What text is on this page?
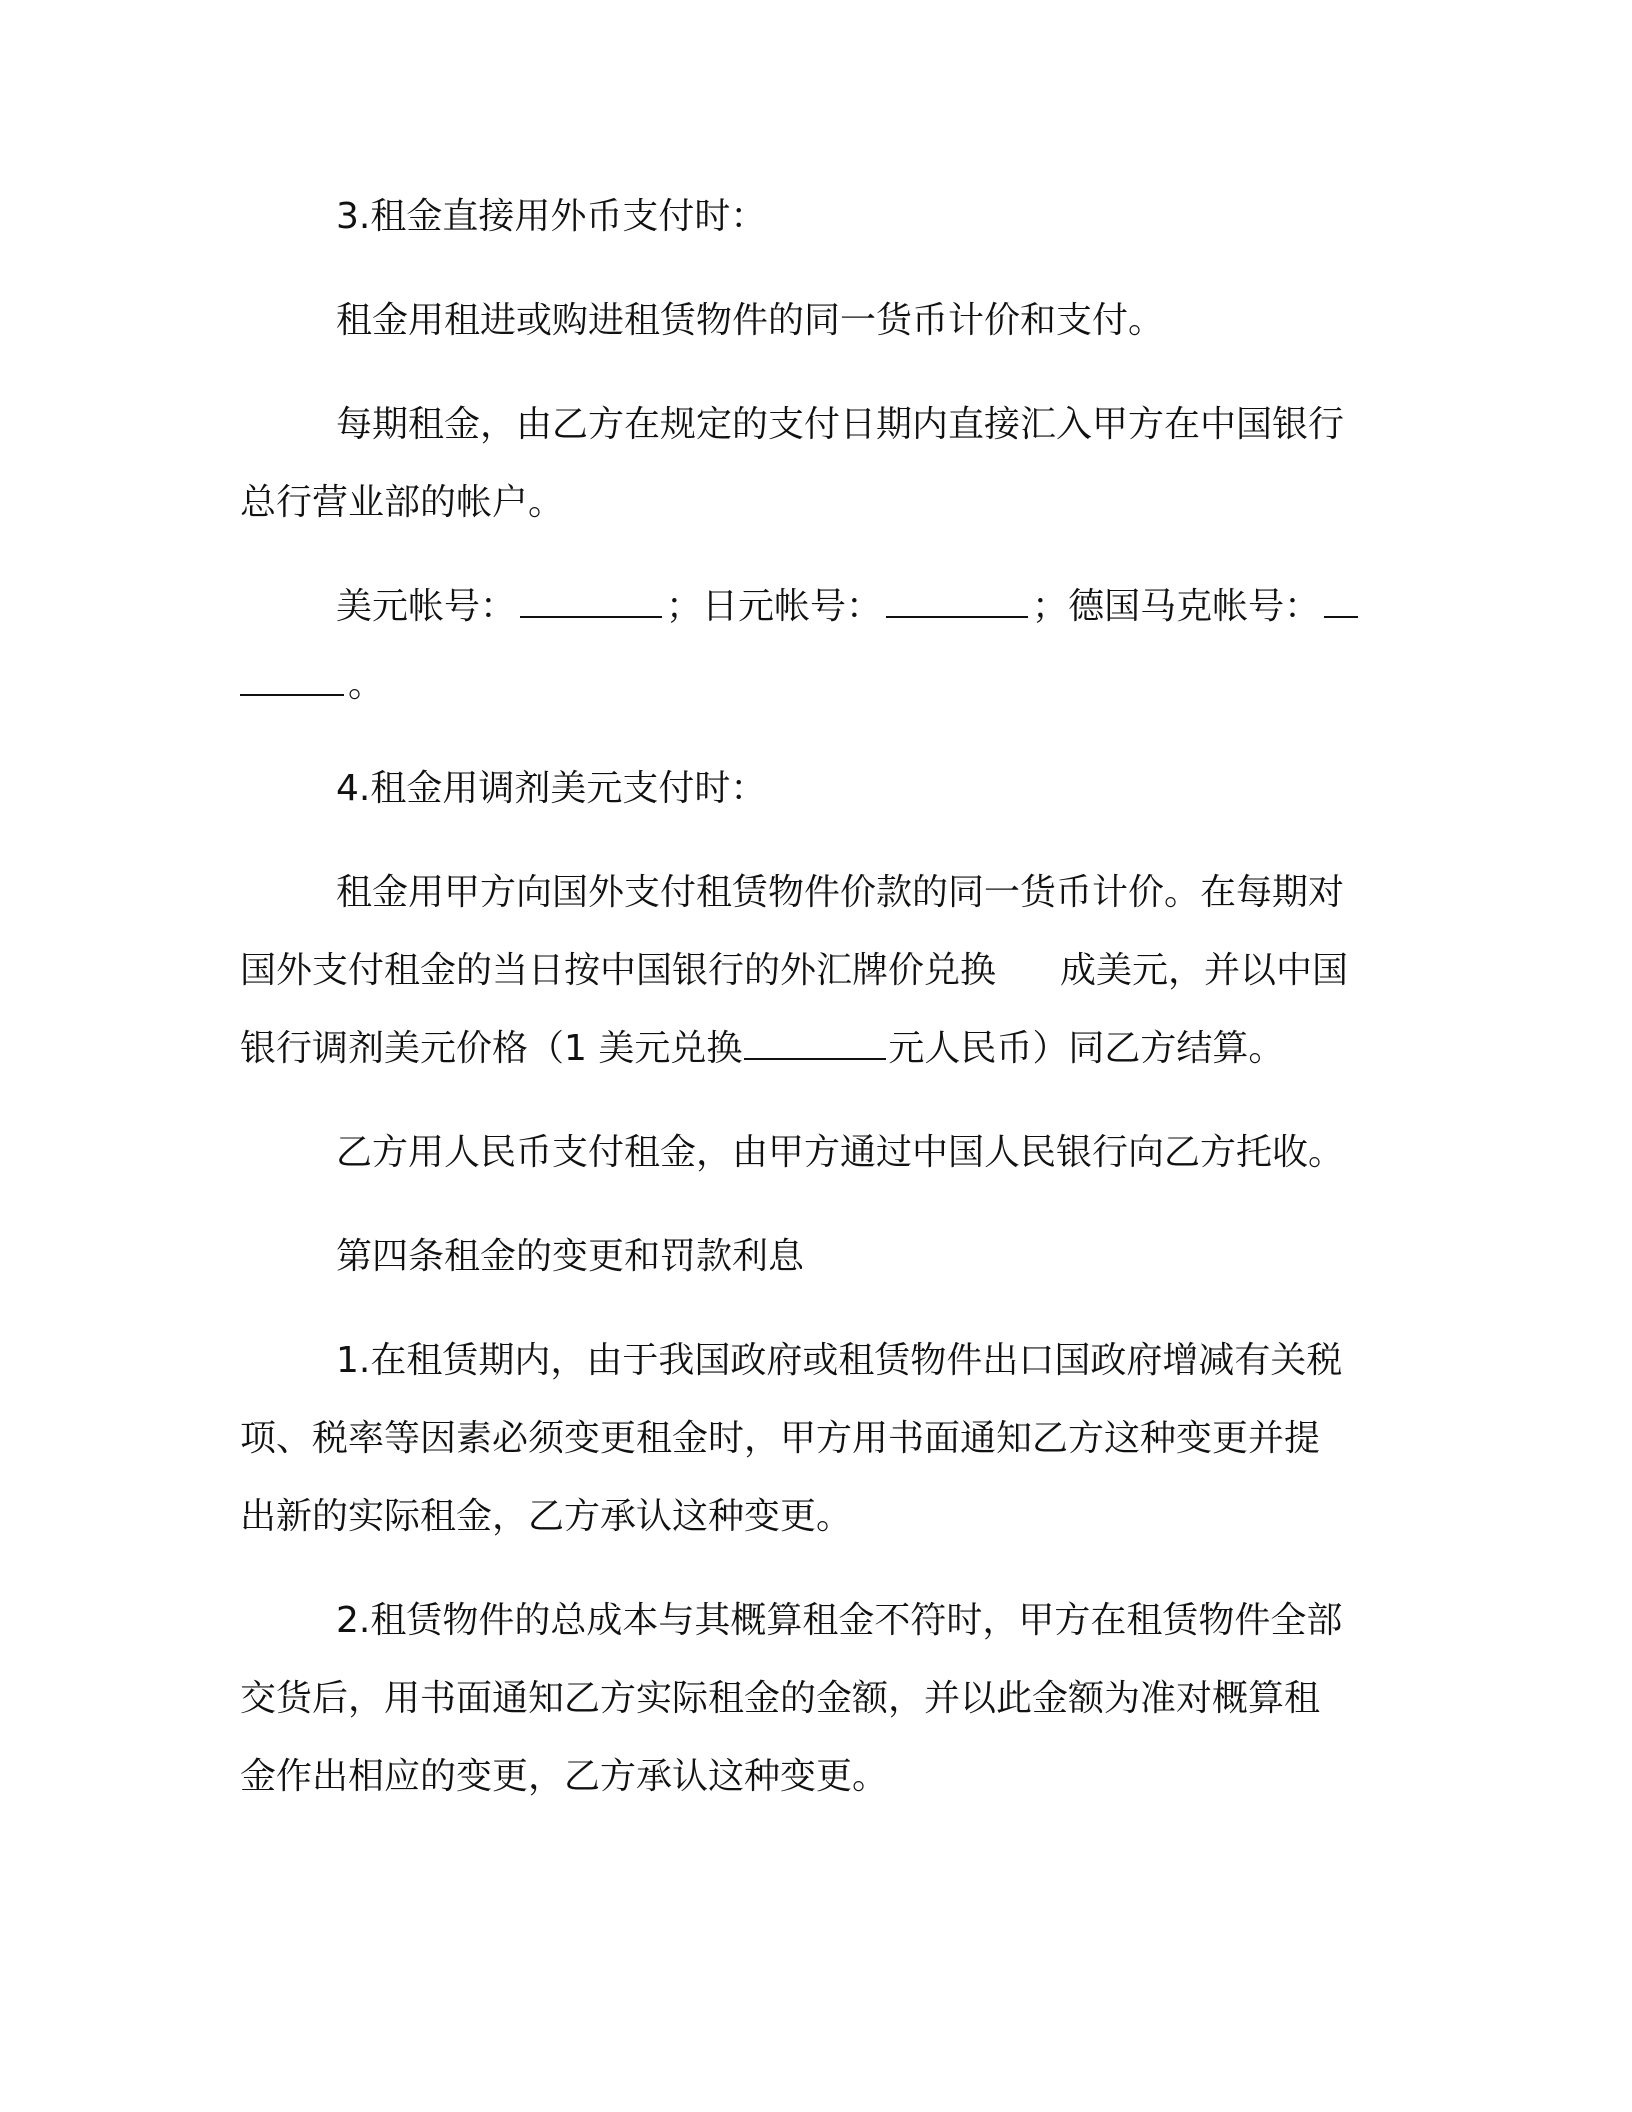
3.租金直接用外币支付时：

租金用租进或购进租赁物件的同一货币计价和支付。

每期租金，由乙方在规定的支付日期内直接汇入甲方在中国银行
总行营业部的帐户。

美元帐号：	；日元帐号：	；德国马克帐号：
。

4.租金用调剂美元支付时：

租金用甲方向国外支付租赁物件价款的同一货币计价。在每期对
国外支付租金的当日按中国银行的外汇牌价兑换 成美元，并以中国
银行调剂美元价格（1 美元兑换	元人民币）同乙方结算。

乙方用人民币支付租金，由甲方通过中国人民银行向乙方托收。

第四条租金的变更和罚款利息

1.在租赁期内，由于我国政府或租赁物件出口国政府增减有关税
项、税率等因素必须变更租金时，甲方用书面通知乙方这种变更并提
出新的实际租金，乙方承认这种变更。

2.租赁物件的总成本与其概算租金不符时，甲方在租赁物件全部
交货后，用书面通知乙方实际租金的金额，并以此金额为准对概算租
金作出相应的变更，乙方承认这种变更。
